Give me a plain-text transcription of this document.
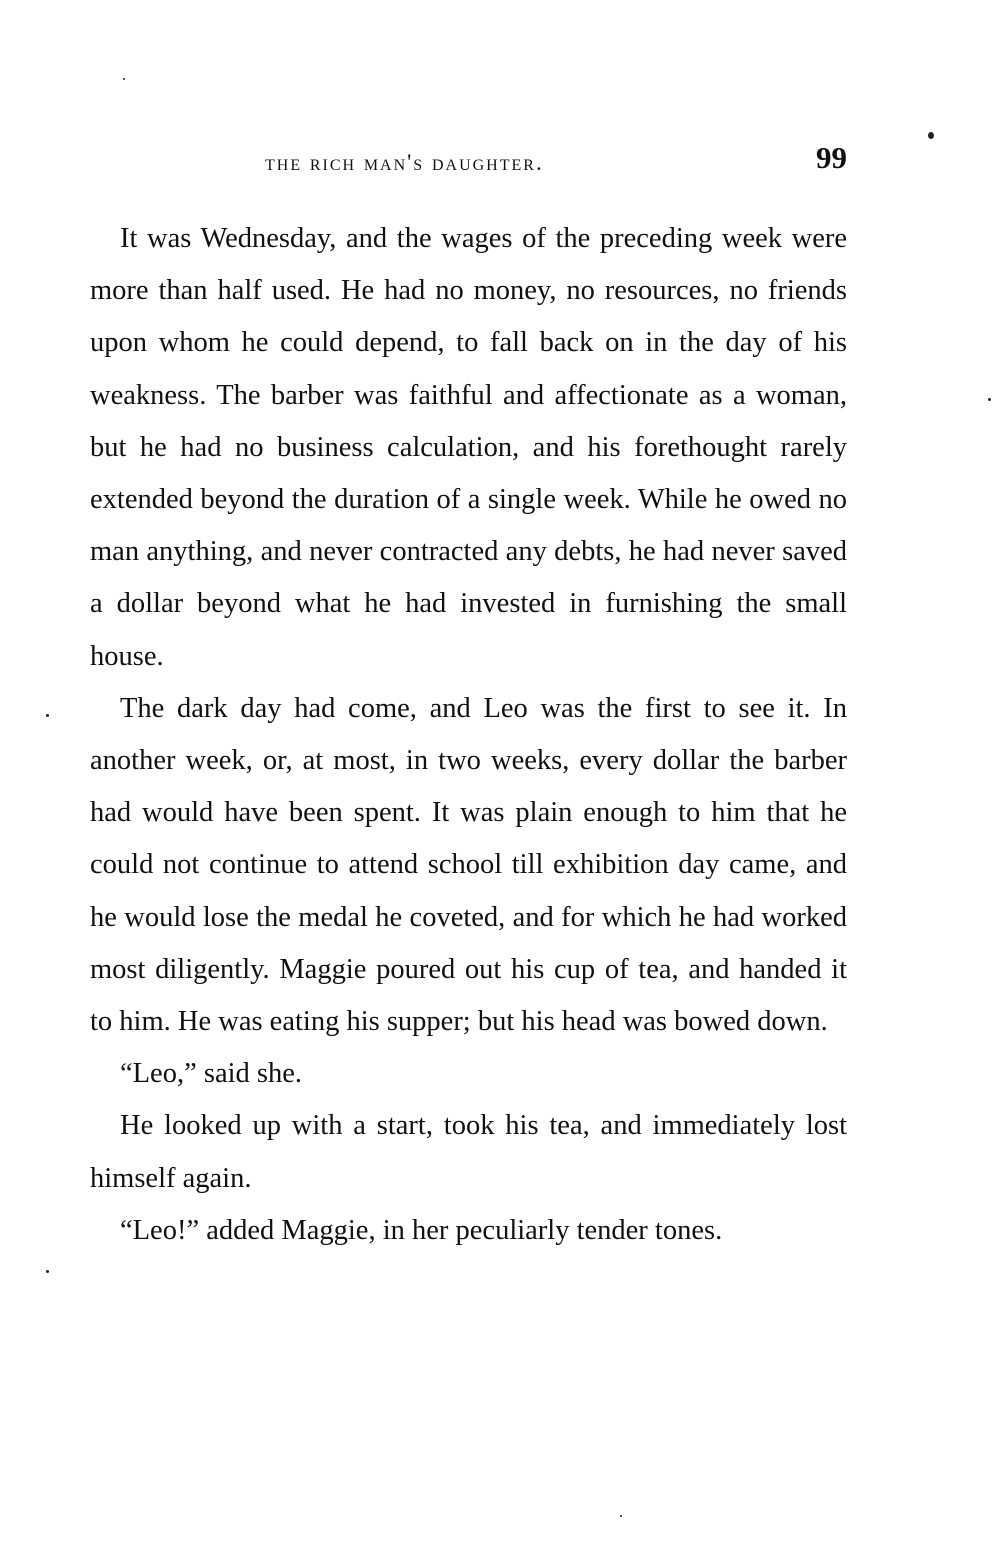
the rich man's daughter.	99

It was Wednesday, and the wages of the preceding week were more than half used. He had no money, no resources, no friends upon whom he could depend, to fall back on in the day of his weakness. The barber was faithful and affectionate as a woman, but he had no business calculation, and his forethought rarely extended beyond the duration of a single week. While he owed no man anything, and never contracted any debts, he had never saved a dollar beyond what he had invested in furnishing the small house.

The dark day had come, and Leo was the first to see it. In another week, or, at most, in two weeks, every dollar the barber had would have been spent. It was plain enough to him that he could not continue to attend school till exhibition day came, and he would lose the medal he coveted, and for which he had worked most diligently. Maggie poured out his cup of tea, and handed it to him. He was eating his supper; but his head was bowed down.

“Leo,” said she.

He looked up with a start, took his tea, and immediately lost himself again.

“Leo!” added Maggie, in her peculiarly tender tones.
